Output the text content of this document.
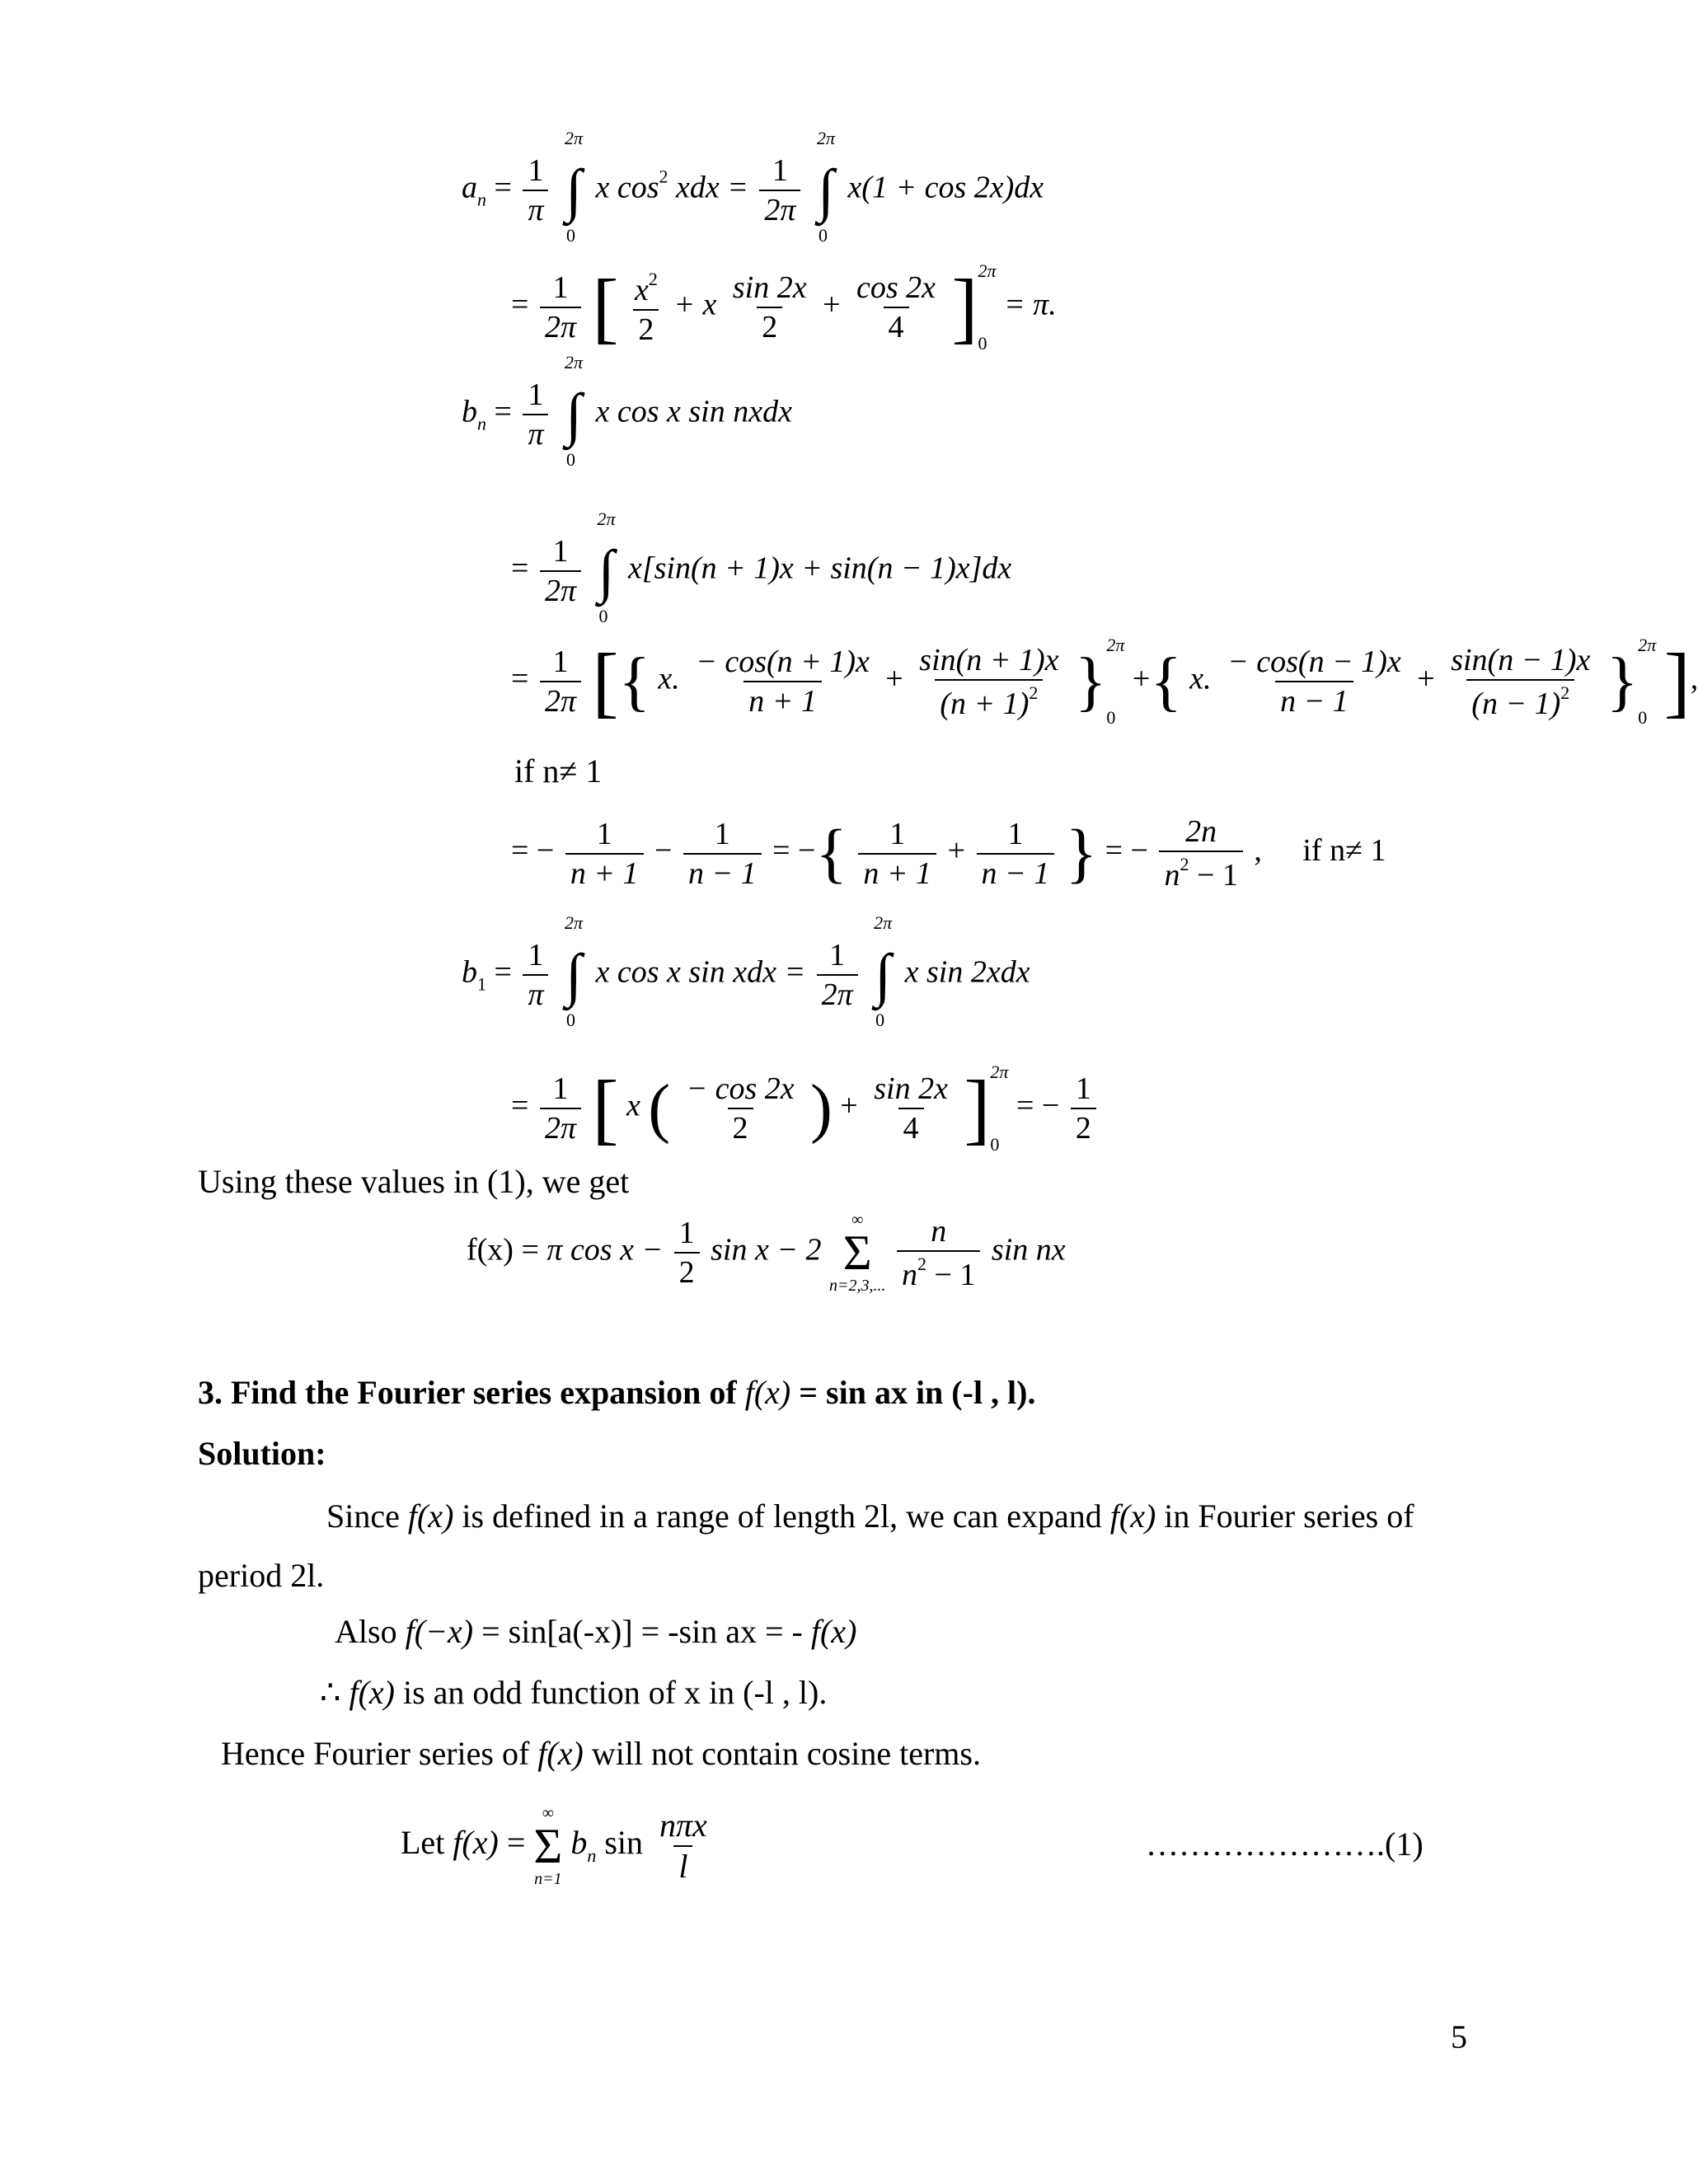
$a_n = \frac{1}{\pi}$

2π
∫
0
x $\cos^2$ xdx = $\frac{1}{2\pi}$

2π
∫
0
x(1 + cos 2x)dx
= $\frac{1}{2\pi}$ [ $\frac{x^2}{2} + x \frac{\sin 2x}{2} + \frac{\cos 2x}{4}$ ] 2π
0
= π.
$b_n = \frac{1}{\pi}$

2π
∫
0
x cos x sin nxdx
= $\frac{1}{2\pi}$

2π
∫
0
x[sin(n + 1)x + sin(n − 1)x]dx
= $\frac{1}{2\pi}$ [{ x. $\frac{- \cos(n + 1)x}{n + 1} + \frac{\sin(n + 1)x}{(n + 1)^2}$ }
2π
0
+{ x. $\frac{- \cos(n - 1)x}{n - 1} + \frac{\sin(n - 1)x}{(n - 1)^2}$ }
2π
0 ],
if n≠ 1
= − $\frac{1}{n + 1} - \frac{1}{n - 1}$ = −{ $\frac{1}{n + 1} + \frac{1}{n - 1}$ } = − $\frac{2n}{n^2 - 1}$ , if n≠ 1
$b_1 = \frac{1}{\pi}$

2π
∫
0
x cos x sin xdx = $\frac{1}{2\pi}$

2π
∫
0
x sin 2xdx
= $\frac{1}{2\pi}$ [ x ( $\frac{- \cos 2x}{2}$ ) + $\frac{\sin 2x}{4}$ ] 2π
0
= − $\frac{1}{2}$
Using these values in (1), we get
f(x) = π $\cos x - \frac{1}{2}$ sin x − 2
∞
Σ
n=2,3,...
$\frac{n}{n^2 - 1}$ sin nx
3. Find the Fourier series expansion of f(x) = sin ax in (-l , l).
Solution:
Since f(x) is defined in a range of length 2l, we can expand f(x) in Fourier series of
period 2l.
Also f(−x) = sin[a(-x)] = -sin ax = - f(x)
∴ f(x) is an odd function of x in (-l , l).
Hence Fourier series of f(x) will not contain cosine terms.
Let f(x) =
∞
Σ
n=1
$b_n$ $\sin \frac{\text{nπx}}{l}$	………………….(1)
5
